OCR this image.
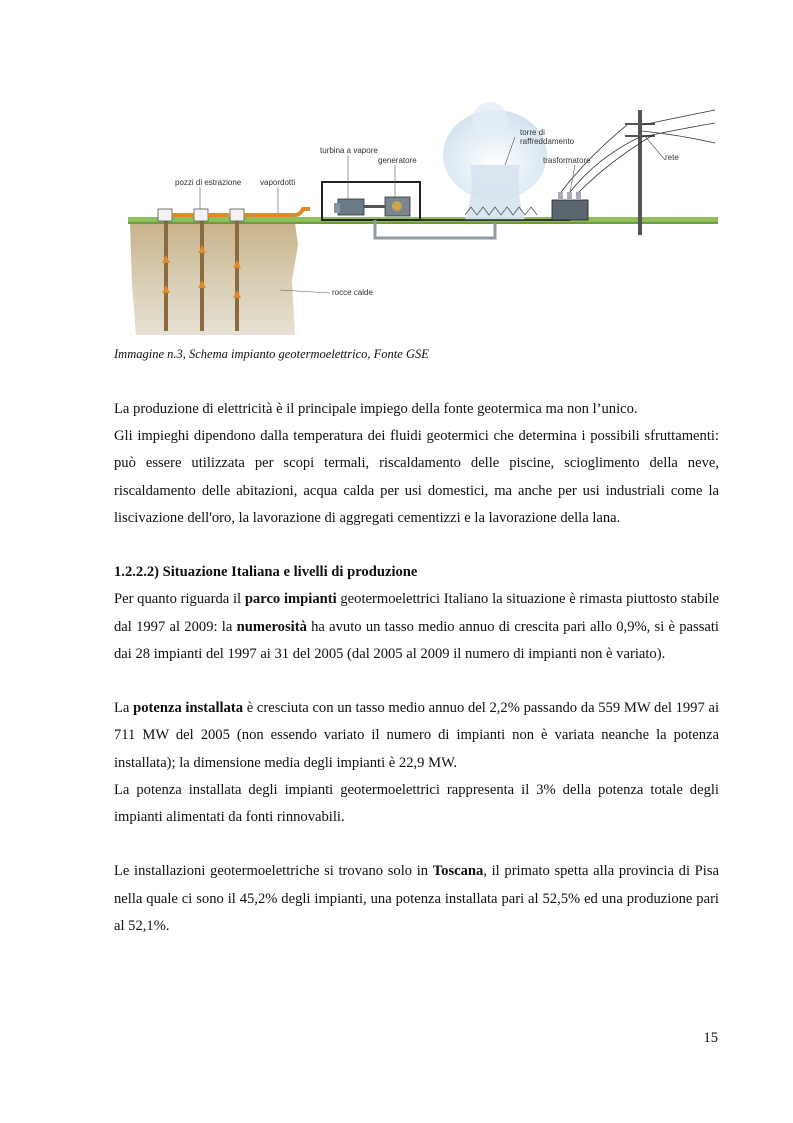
pozzi di estrazione vapordotti
turbina a vapore
generatore
torre di raffreddamento
trasformatore	rete
rocce calde
Immagine n.3, Schema impianto geotermoelettrico, Fonte GSE

La produzione di elettricità è il principale impiego della fonte geotermica ma non l’unico.

Gli impieghi dipendono dalla temperatura dei fluidi geotermici che determina i possibili sfruttamenti: può essere utilizzata per scopi termali, riscaldamento delle piscine, scioglimento della neve, riscaldamento delle abitazioni, acqua calda per usi domestici, ma anche per usi industriali come la liscivazione dell'oro, la lavorazione di aggregati cementizzi e la lavorazione della lana.

1.2.2.2) Situazione Italiana e livelli di produzione

Per quanto riguarda il parco impianti geotermoelettrici Italiano la situazione è rimasta piuttosto stabile dal 1997 al 2009: la numerosità ha avuto un tasso medio annuo di crescita pari allo 0,9%, si è passati dai 28 impianti del 1997 ai 31 del 2005 (dal 2005 al 2009 il numero di impianti non è variato).

La potenza installata è cresciuta con un tasso medio annuo del 2,2% passando da 559 MW del 1997 ai 711 MW del 2005 (non essendo variato il numero di impianti non è variata neanche la potenza installata); la dimensione media degli impianti è 22,9 MW.

La potenza installata degli impianti geotermoelettrici rappresenta il 3% della potenza totale degli impianti alimentati da fonti rinnovabili.

Le installazioni geotermoelettriche si trovano solo in Toscana, il primato spetta alla provincia di Pisa nella quale ci sono il 45,2% degli impianti, una potenza installata pari al 52,5% ed una produzione pari al 52,1%.

15
